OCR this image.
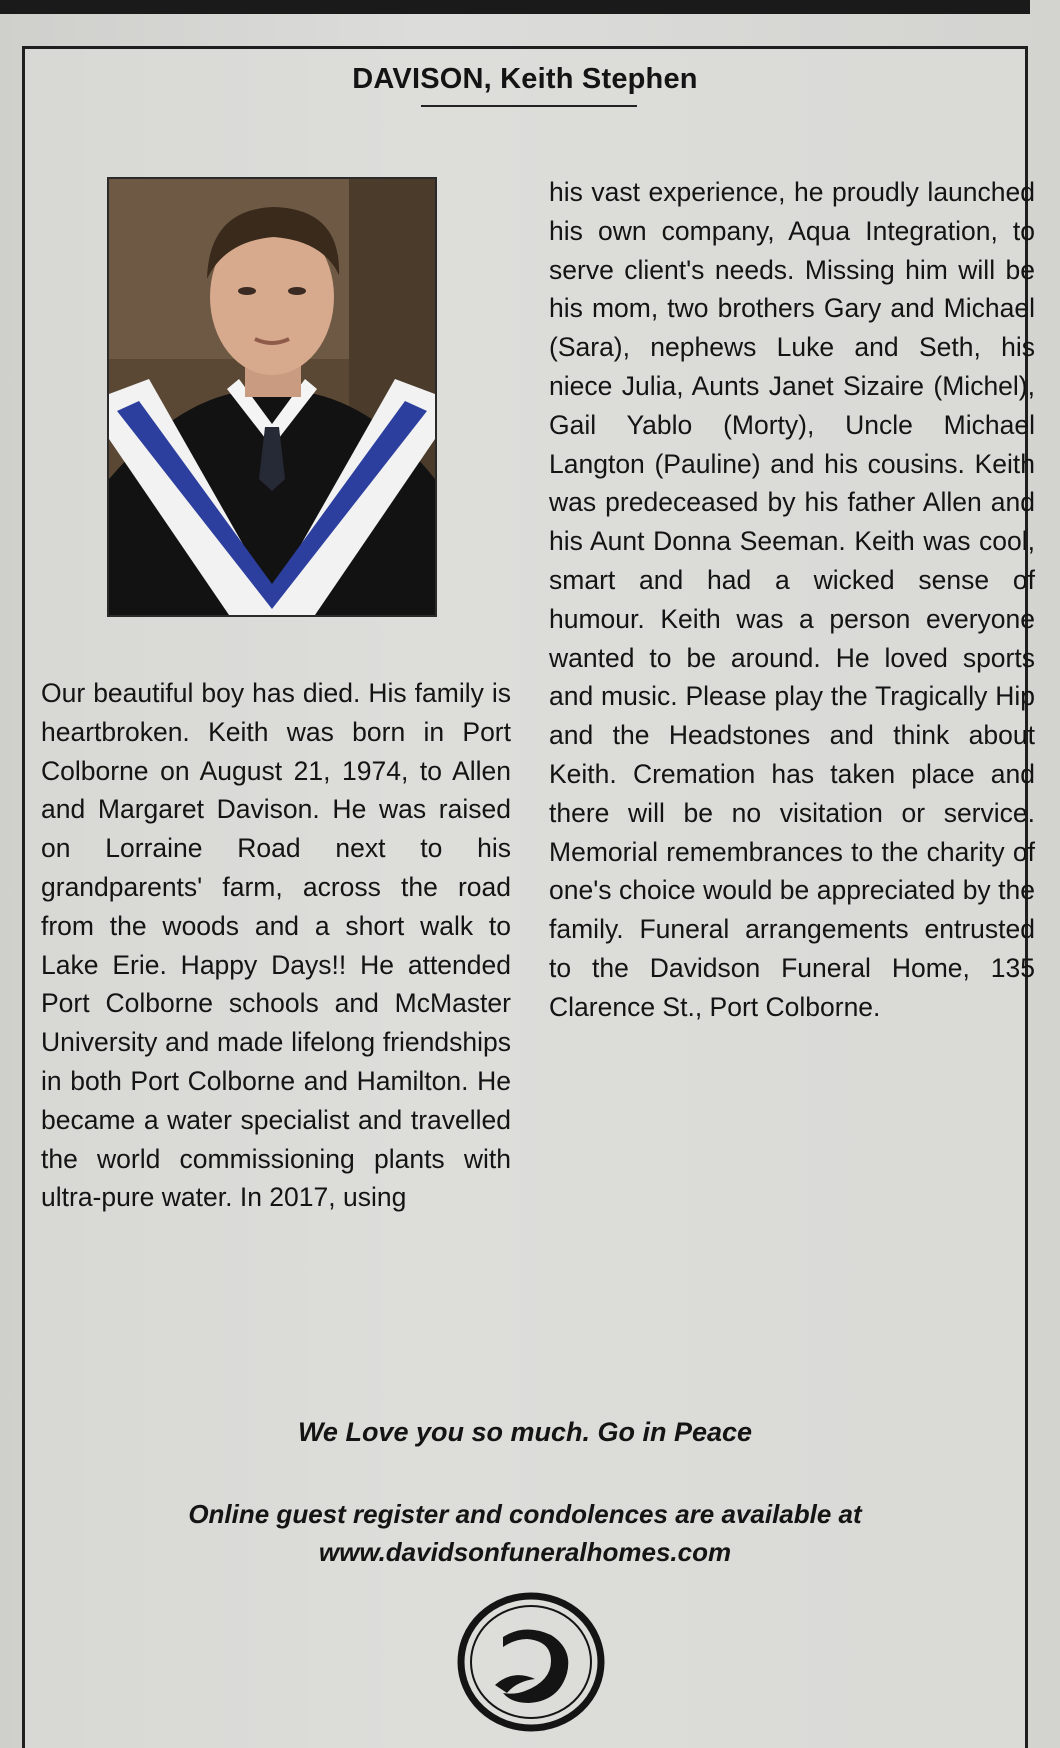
DAVISON, Keith Stephen

Our beautiful boy has died. His family is heartbroken. Keith was born in Port Colborne on August 21, 1974, to Allen and Margaret Davison. He was raised on Lorraine Road next to his grandparents' farm, across the road from the woods and a short walk to Lake Erie. Happy Days!! He attended Port Colborne schools and McMaster University and made lifelong friendships in both Port Colborne and Hamilton. He became a water specialist and travelled the world commissioning plants with ultra-pure water. In 2017, using

his vast experience, he proudly launched his own company, Aqua Integration, to serve client's needs. Missing him will be his mom, two brothers Gary and Michael (Sara), nephews Luke and Seth, his niece Julia, Aunts Janet Sizaire (Michel), Gail Yablo (Morty), Uncle Michael Langton (Pauline) and his cousins. Keith was predeceased by his father Allen and his Aunt Donna Seeman. Keith was cool, smart and had a wicked sense of humour. Keith was a person everyone wanted to be around. He loved sports and music. Please play the Tragically Hip and the Headstones and think about Keith. Cremation has taken place and there will be no visitation or service. Memorial remembrances to the charity of one's choice would be appreciated by the family. Funeral arrangements entrusted to the Davidson Funeral Home, 135 Clarence St., Port Colborne.

We Love you so much. Go in Peace
Online guest register and condolences are available at
www.davidsonfuneralhomes.com
